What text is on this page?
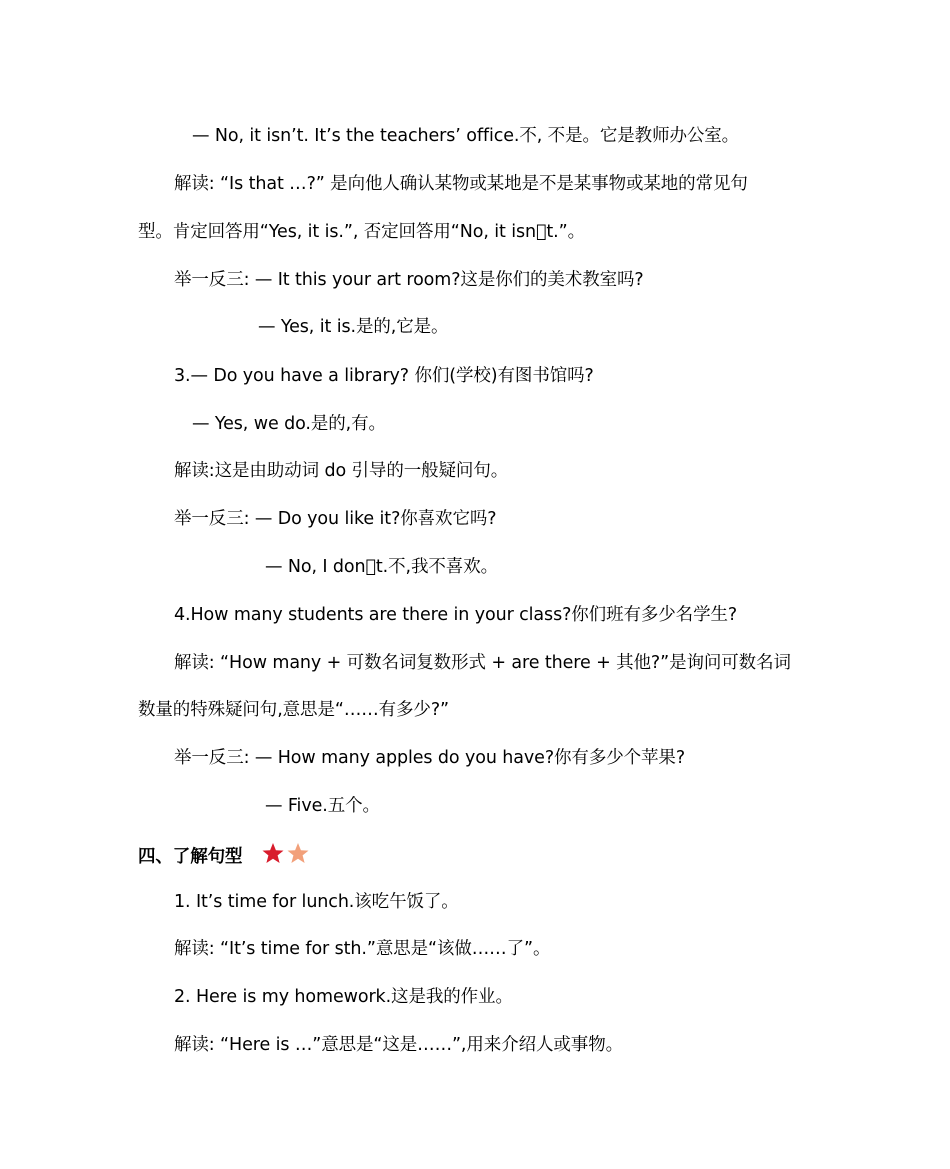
— No, it isn’t. It’s the teachers’ office.不, 不是。它是教师办公室。
解读: “Is that …?” 是向他人确认某物或某地是不是某事物或某地的常见句
型。肯定回答用“Yes, it is.”, 否定回答用“No, it isn t.”。
举一反三: — It this your art room?这是你们的美术教室吗?
— Yes, it is.是的,它是。
3.— Do you have a library? 你们(学校)有图书馆吗?
— Yes, we do.是的,有。
解读:这是由助动词 do 引导的一般疑问句。
举一反三: — Do you like it?你喜欢它吗?
— No, I don t.不,我不喜欢。
4.How many students are there in your class?你们班有多少名学生?
解读: “How many + 可数名词复数形式 + are there + 其他?”是询问可数名词
数量的特殊疑问句,意思是“……有多少?”
举一反三: — How many apples do you have?你有多少个苹果?
— Five.五个。
四、了解句型
1. It’s time for lunch.该吃午饭了。
解读: “It’s time for sth.”意思是“该做……了”。
2. Here is my homework.这是我的作业。
解读: “Here is …”意思是“这是……”,用来介绍人或事物。
